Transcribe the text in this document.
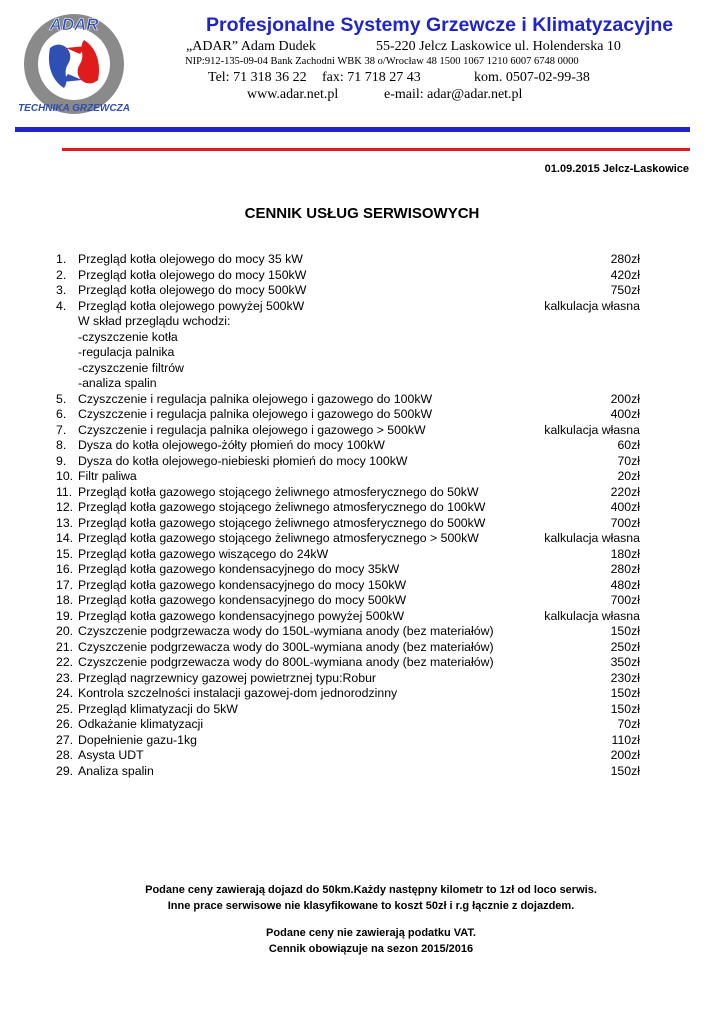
ADAR
TECHNIKA GRZEWCZA
Profesjonalne Systemy Grzewcze i Klimatyzacyjne
„ADAR” Adam Dudek	55-220 Jelcz Laskowice ul. Holenderska 10
NIP:912-135-09-04 Bank Zachodni WBK 38 o/Wrocław 48 1500 1067 1210 6007 6748 0000
Tel: 71 318 36 22 fax: 71 718 27 43	kom. 0507-02-99-38
www.adar.net.pl	e-mail: adar@adar.net.pl
01.09.2015 Jelcz-Laskowice
CENNIK USŁUG SERWISOWYCH
1. Przegląd kotła olejowego do mocy 35 kW	280zł
2. Przegląd kotła olejowego do mocy 150kW	420zł
3. Przegląd kotła olejowego do mocy 500kW	750zł
4. Przegląd kotła olejowego powyżej 500kW	kalkulacja własna
W skład przeglądu wchodzi:
-czyszczenie kotła
-regulacja palnika
-czyszczenie filtrów
-analiza spalin
5. Czyszczenie i regulacja palnika olejowego i gazowego do 100kW	200zł
6. Czyszczenie i regulacja palnika olejowego i gazowego do 500kW	400zł
7. Czyszczenie i regulacja palnika olejowego i gazowego > 500kW	kalkulacja własna
8. Dysza do kotła olejowego-żółty płomień do mocy 100kW	60zł
9. Dysza do kotła olejowego-niebieski płomień do mocy 100kW	70zł
10. Filtr paliwa	20zł
11. Przegląd kotła gazowego stojącego żeliwnego atmosferycznego do 50kW	220zł
12. Przegląd kotła gazowego stojącego żeliwnego atmosferycznego do 100kW	400zł
13. Przegląd kotła gazowego stojącego żeliwnego atmosferycznego do 500kW	700zł
14. Przegląd kotła gazowego stojącego żeliwnego atmosferycznego > 500kW	kalkulacja własna
15. Przegląd kotła gazowego wiszącego do 24kW	180zł
16. Przegląd kotła gazowego kondensacyjnego do mocy 35kW	280zł
17. Przegląd kotła gazowego kondensacyjnego do mocy 150kW	480zł
18. Przegląd kotła gazowego kondensacyjnego do mocy 500kW	700zł
19. Przegląd kotła gazowego kondensacyjnego powyżej 500kW	kalkulacja własna
20. Czyszczenie podgrzewacza wody do 150L-wymiana anody (bez materiałów)	150zł
21. Czyszczenie podgrzewacza wody do 300L-wymiana anody (bez materiałów)	250zł
22. Czyszczenie podgrzewacza wody do 800L-wymiana anody (bez materiałów)	350zł
23. Przegląd nagrzewnicy gazowej powietrznej typu:Robur	230zł
24. Kontrola szczelności instalacji gazowej-dom jednorodzinny	150zł
25. Przegląd klimatyzacji do 5kW	150zł
26. Odkażanie klimatyzacji	70zł
27. Dopełnienie gazu-1kg	110zł
28. Asysta UDT	200zł
29. Analiza spalin	150zł
Podane ceny zawierają dojazd do 50km.Każdy następny kilometr to 1zł od loco serwis.
Inne prace serwisowe nie klasyfikowane to koszt 50zł i r.g łącznie z dojazdem.
Podane ceny nie zawierają podatku VAT.
Cennik obowiązuje na sezon 2015/2016
